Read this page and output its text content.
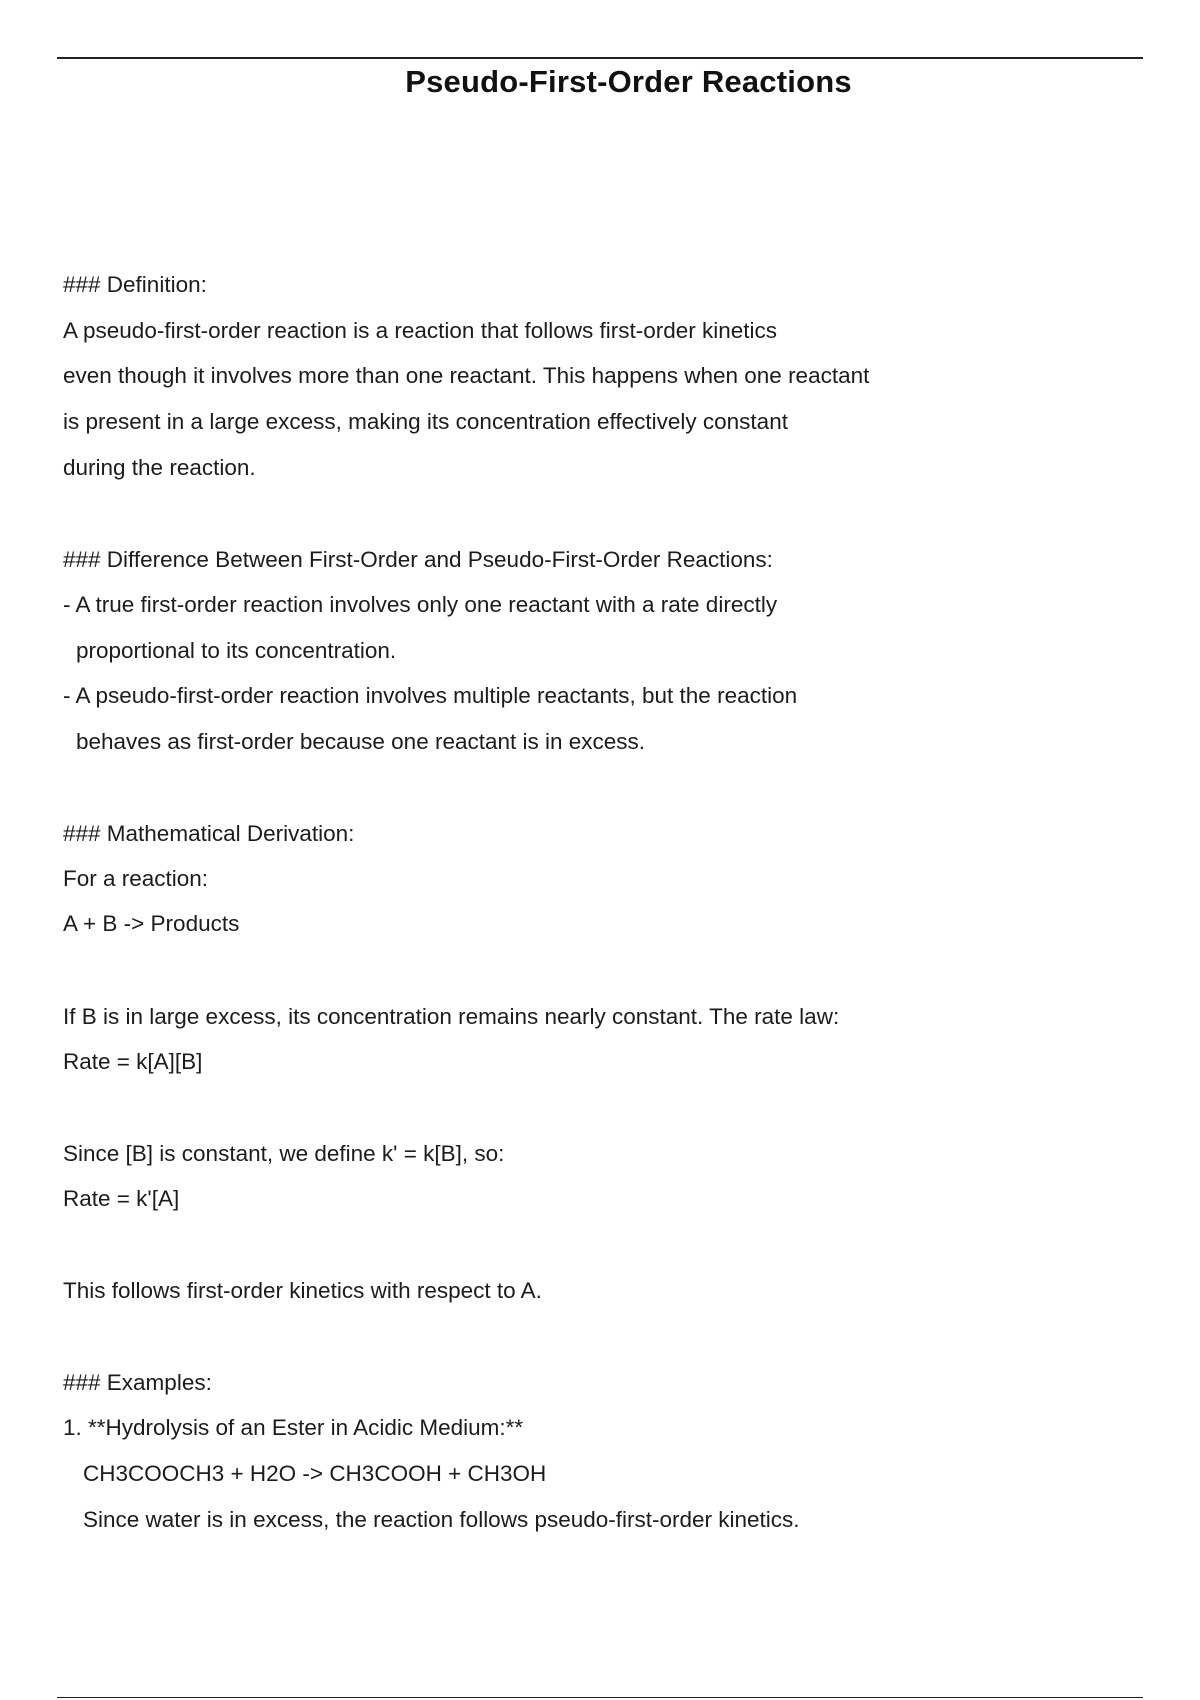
Pseudo-First-Order Reactions
### Definition:
A pseudo-first-order reaction is a reaction that follows first-order kinetics
even though it involves more than one reactant. This happens when one reactant
is present in a large excess, making its concentration effectively constant
during the reaction.
### Difference Between First-Order and Pseudo-First-Order Reactions:
- A true first-order reaction involves only one reactant with a rate directly
proportional to its concentration.
- A pseudo-first-order reaction involves multiple reactants, but the reaction
behaves as first-order because one reactant is in excess.
### Mathematical Derivation:
For a reaction:
A + B -> Products
If B is in large excess, its concentration remains nearly constant. The rate law:
Rate = k[A][B]
Since [B] is constant, we define k' = k[B], so:
Rate = k'[A]
This follows first-order kinetics with respect to A.
### Examples:
1. **Hydrolysis of an Ester in Acidic Medium:**
CH3COOCH3 + H2O -> CH3COOH + CH3OH
Since water is in excess, the reaction follows pseudo-first-order kinetics.
